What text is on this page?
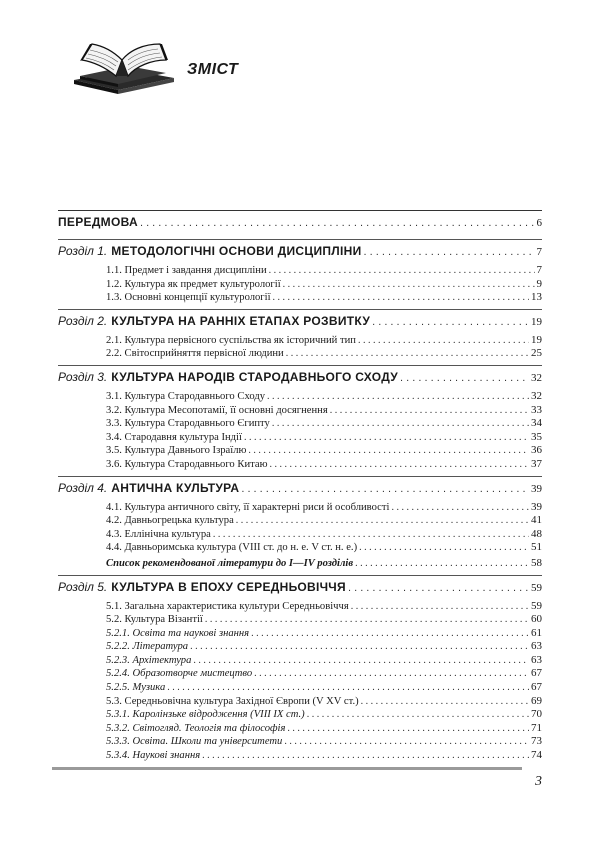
ЗМІСТ
ПЕРЕДМОВА . . .	6
Розділ 1. МЕТОДОЛОГІЧНІ ОСНОВИ ДИСЦИПЛІНИ . . .	7
1.1. Предмет і завдання дисципліни . . .	7
1.2. Культура як предмет культурології . . .	9
1.3. Основні концепції культурології . . .	13
Розділ 2. КУЛЬТУРА НА РАННІХ ЕТАПАХ РОЗВИТКУ . . .	19
2.1. Культура первісного суспільства як історичний тип . . .	19
2.2. Світосприйняття первісної людини . . .	25
Розділ 3. КУЛЬТУРА НАРОДІВ СТАРОДАВНЬОГО СХОДУ . . .	32
3.1. Культура Стародавнього Сходу . . .	32
3.2. Культура Месопотамії, її основні досягнення . . .	33
3.3. Культура Стародавнього Єгипту . . .	34
3.4. Стародавня культура Індії . . .	35
3.5. Культура Давнього Ізраїлю . . .	36
3.6. Культура Стародавнього Китаю . . .	37
Розділ 4. АНТИЧНА КУЛЬТУРА . . .	39
4.1. Культура античного світу, її характерні риси й особливості . . .	39
4.2. Давньогрецька культура . . .	41
4.3. Еллінічна культура . . .	48
4.4. Давньоримська культура (VIII ст. до н. е. V ст. н. е.) . . .	51
Список рекомендованої літератури до I—IV розділів . . .	58
Розділ 5. КУЛЬТУРА В ЕПОХУ СЕРЕДНЬОВІЧЧЯ . . .	59
5.1. Загальна характеристика культури Середньовіччя . . .	59
5.2. Культура Візантії . . .	60
5.2.1. Освіта та наукові знання . . .	61
5.2.2. Література . . .	63
5.2.3. Архітектура . . .	63
5.2.4. Образотворче мистецтво . . .	67
5.2.5. Музика . . .	67
5.3. Середньовічна культура Західної Європи (V XV ст.) . . .	69
5.3.1. Каролінзьке відродження (VIII IX ст.) . . .	70
5.3.2. Світогляд. Теологія та філософія . . .	71
5.3.3. Освіта. Школи та університети . . .	73
5.3.4. Наукові знання . . .	74
3
